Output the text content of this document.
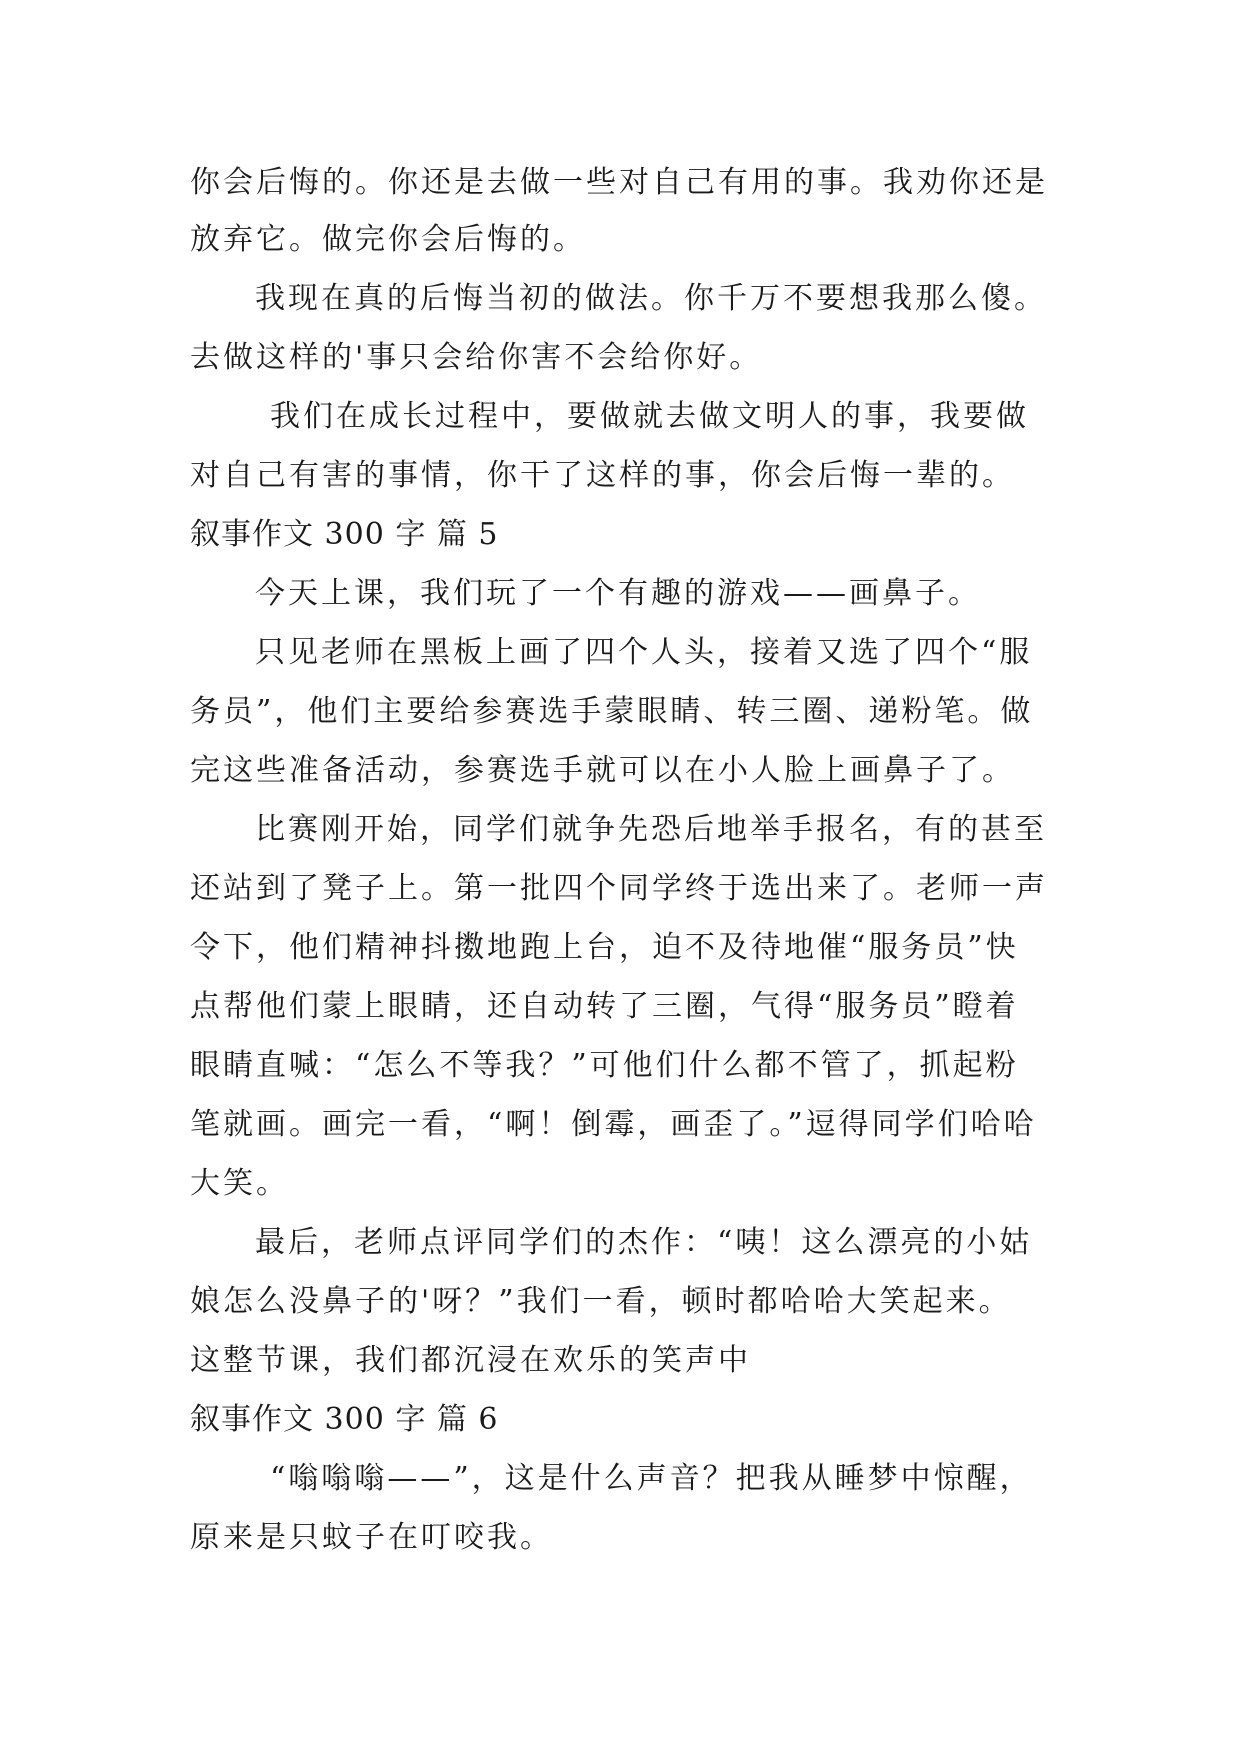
你会后悔的。你还是去做一些对自己有用的事。我劝你还是
放弃它。做完你会后悔的。
我现在真的后悔当初的做法。你千万不要想我那么傻。
去做这样的'事只会给你害不会给你好。
我们在成长过程中，要做就去做文明人的事，我要做
对自己有害的事情，你干了这样的事，你会后悔一辈的。
叙事作文 300 字 篇 5
今天上课，我们玩了一个有趣的游戏——画鼻子。
只见老师在黑板上画了四个人头，接着又选了四个“服
务员”，他们主要给参赛选手蒙眼睛、转三圈、递粉笔。做
完这些准备活动，参赛选手就可以在小人脸上画鼻子了。
比赛刚开始，同学们就争先恐后地举手报名，有的甚至
还站到了凳子上。第一批四个同学终于选出来了。老师一声
令下，他们精神抖擞地跑上台，迫不及待地催“服务员”快
点帮他们蒙上眼睛，还自动转了三圈，气得“服务员”瞪着
眼睛直喊：“怎么不等我？”可他们什么都不管了，抓起粉
笔就画。画完一看，“啊！倒霉，画歪了。”逗得同学们哈哈
大笑。
最后，老师点评同学们的杰作：“咦！这么漂亮的小姑
娘怎么没鼻子的'呀？”我们一看，顿时都哈哈大笑起来。
这整节课，我们都沉浸在欢乐的笑声中
叙事作文 300 字 篇 6
“嗡嗡嗡——”，这是什么声音？把我从睡梦中惊醒，
原来是只蚊子在叮咬我。
